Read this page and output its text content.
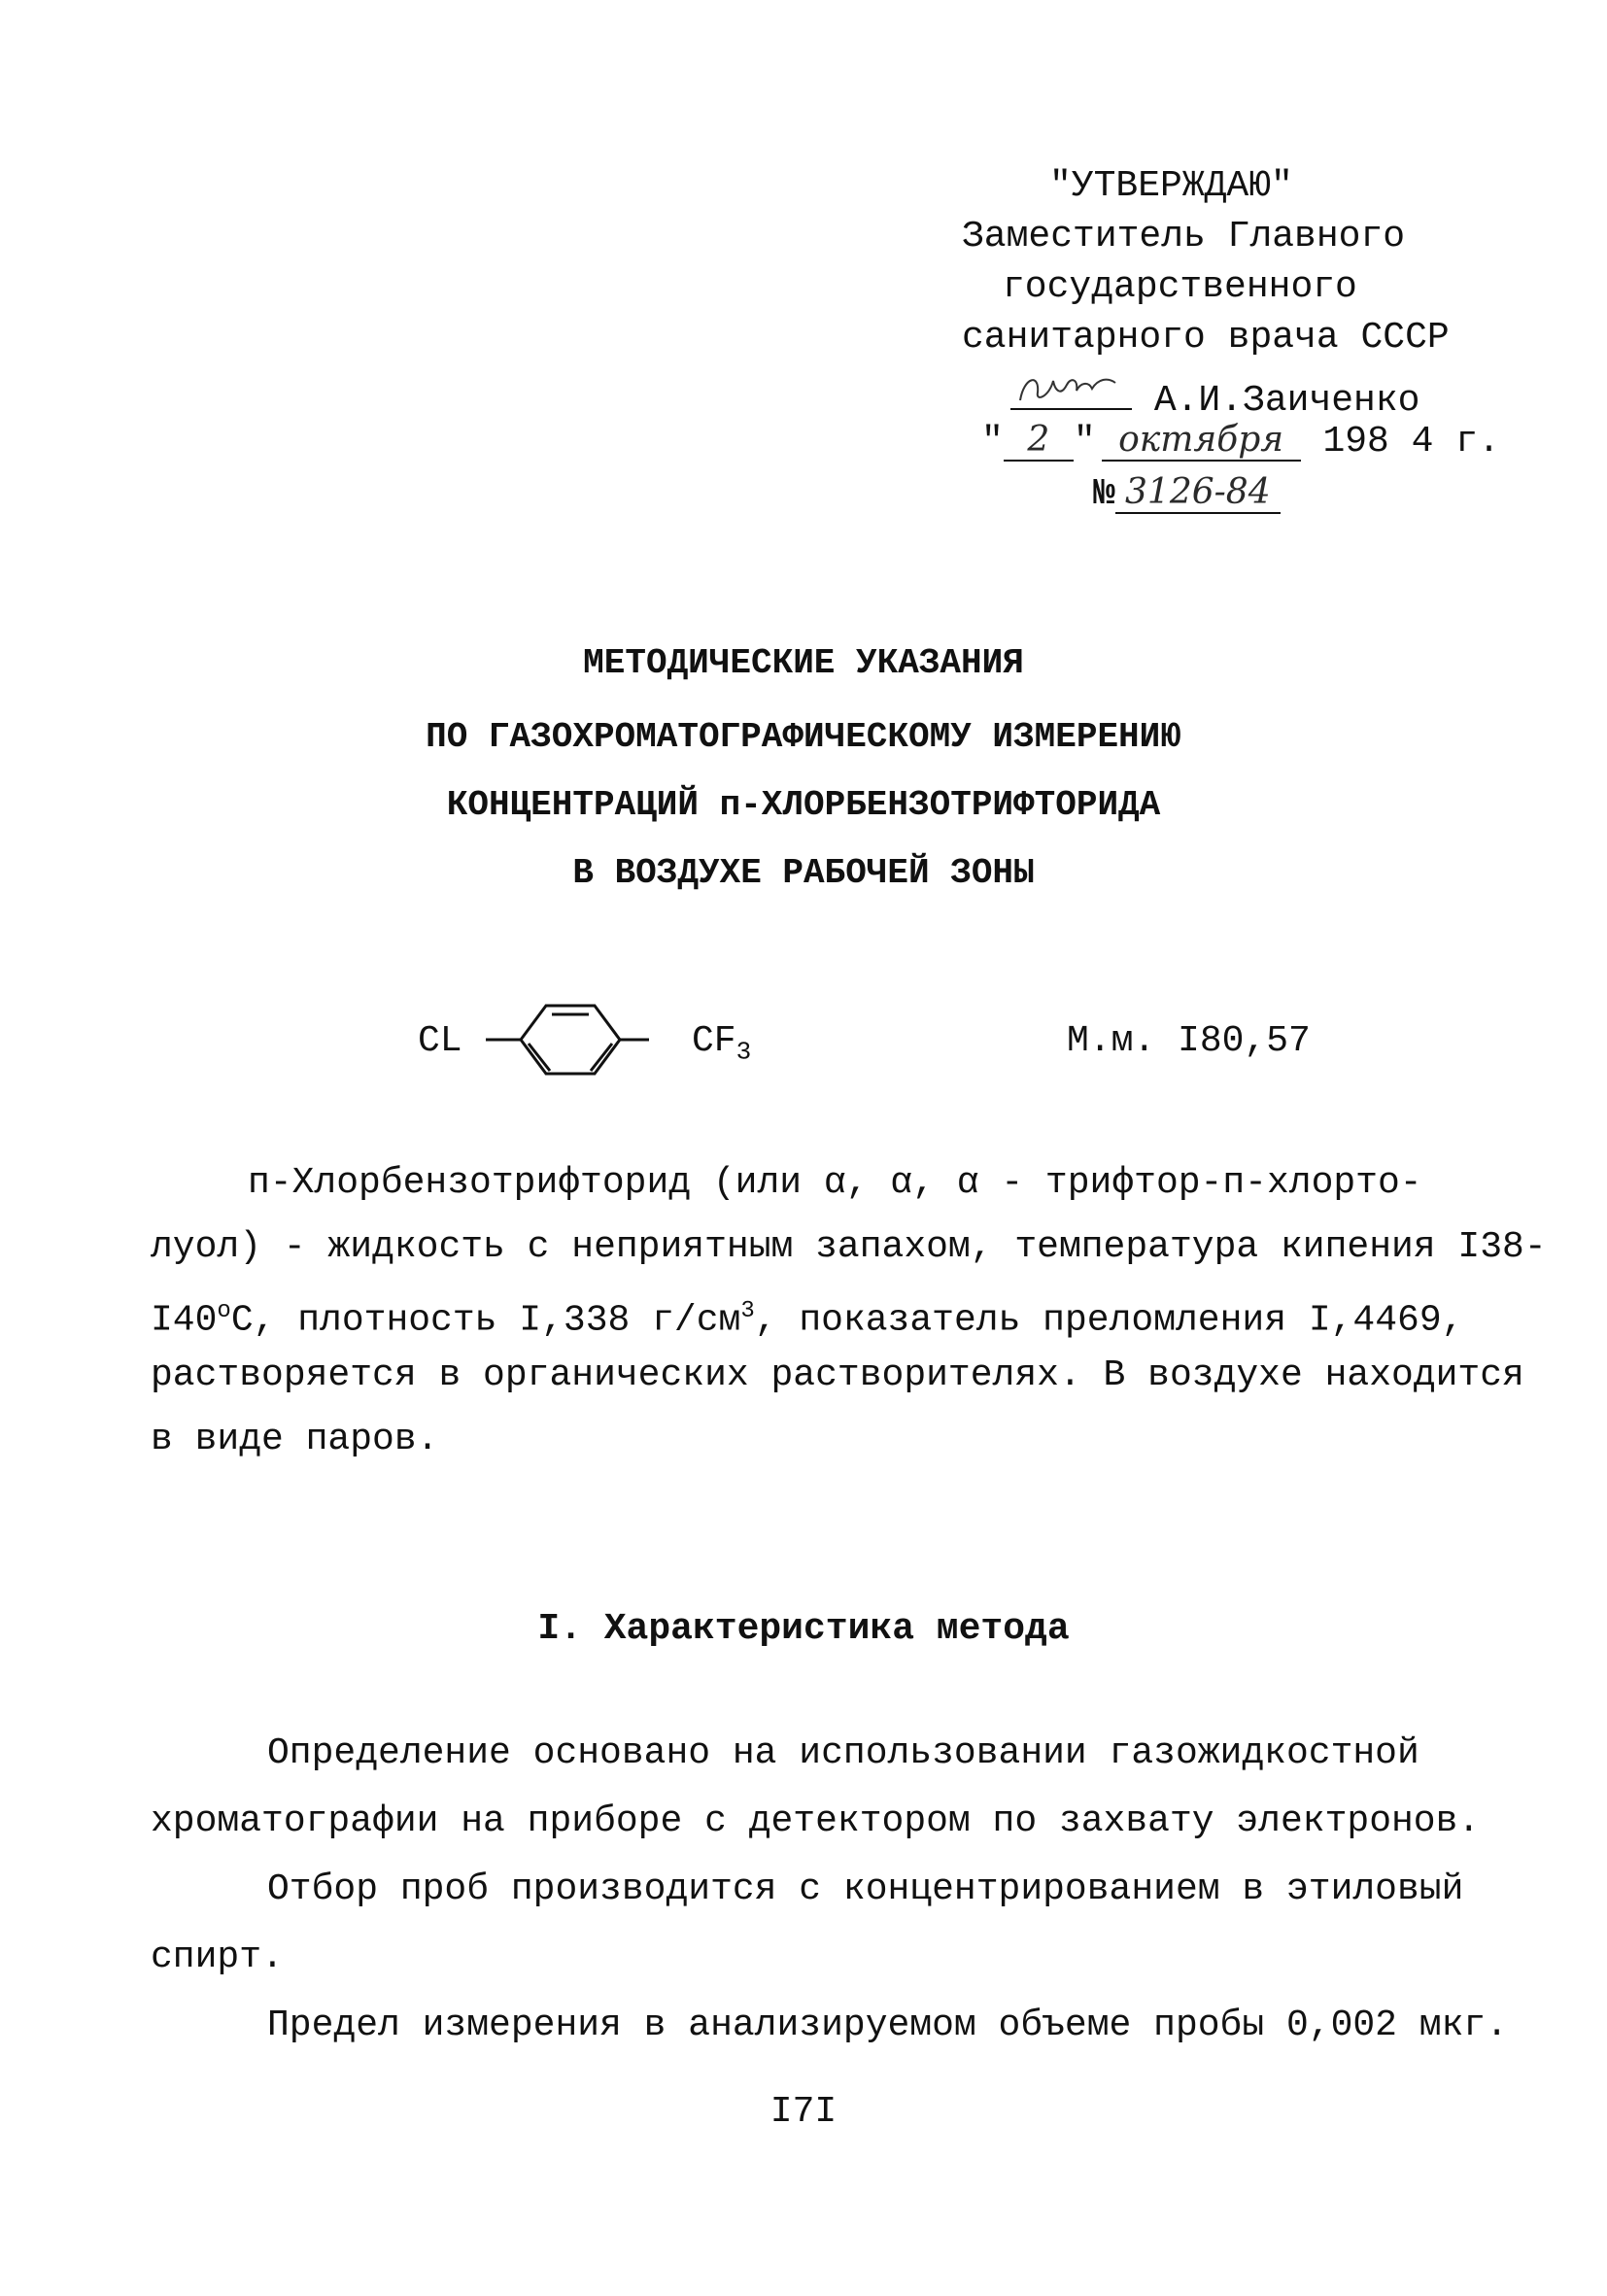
"УТВЕРЖДАЮ"
Заместитель Главного
государственного
санитарного врача СССР
А.И.Заиченко
" 2 " октября 198 4 г.
№ 3126-84
МЕТОДИЧЕСКИЕ УКАЗАНИЯ
ПО ГАЗОХРОМАТОГРАФИЧЕСКОМУ ИЗМЕРЕНИЮ
КОНЦЕНТРАЦИЙ п-ХЛОРБЕНЗОТРИФТОРИДА
В ВОЗДУХЕ РАБОЧЕЙ ЗОНЫ
CL	$CF_3$	М.м. I80,57
п-Хлорбензотрифторид (или α, α, α - трифтор-п-хлорто-
луол) - жидкость с неприятным запахом, температура кипения I38-
I40$^o$C, плотность I,338 $г/см^3$, показатель преломления I,4469,
растворяется в органических растворителях. В воздухе находится
в виде паров.
I. Характеристика метода
Определение основано на использовании газожидкостной
хроматографии на приборе с детектором по захвату электронов.
Отбор проб производится с концентрированием в этиловый
спирт.
Предел измерения в анализируемом объеме пробы 0,002 мкг.
I7I
